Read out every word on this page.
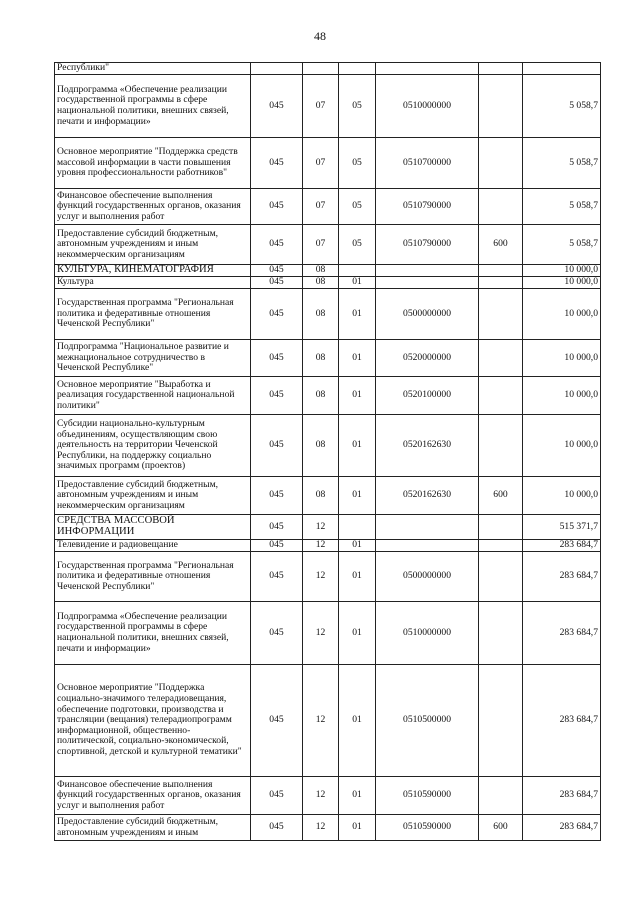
48
Республики"						
Подпрограмма «Обеспечение реализации государственной программы в сфере национальной политики, внешних связей, печати и информации»	045	07	05	0510000000		5 058,7
Основное мероприятие "Поддержка средств массовой информации в части повышения уровня профессиональности работников"	045	07	05	0510700000		5 058,7
Финансовое обеспечение выполнения функций государственных органов, оказания услуг и выполнения работ	045	07	05	0510790000		5 058,7
Предоставление субсидий бюджетным, автономным учреждениям и иным некоммерческим организациям	045	07	05	0510790000	600	5 058,7
КУЛЬТУРА, КИНЕМАТОГРАФИЯ	045	08				10 000,0
Культура	045	08	01			10 000,0
Государственная программа "Региональная политика и федеративные отношения Чеченской Республики"	045	08	01	0500000000		10 000,0
Подпрограмма "Национальное развитие и межнациональное сотрудничество в Чеченской Республике"	045	08	01	0520000000		10 000,0
Основное мероприятие "Выработка и реализация государственной национальной политики"	045	08	01	0520100000		10 000,0
Субсидии национально-культурным объединениям, осуществляющим свою деятельность на территории Чеченской Республики, на поддержку социально значимых программ (проектов)	045	08	01	0520162630		10 000,0
Предоставление субсидий бюджетным, автономным учреждениям и иным некоммерческим организациям	045	08	01	0520162630	600	10 000,0
СРЕДСТВА МАССОВОЙ ИНФОРМАЦИИ	045	12				515 371,7
Телевидение и радиовещание	045	12	01			283 684,7
Государственная программа "Региональная политика и федеративные отношения Чеченской Республики"	045	12	01	0500000000		283 684,7
Подпрограмма «Обеспечение реализации государственной программы в сфере национальной политики, внешних связей, печати и информации»	045	12	01	0510000000		283 684,7
Основное мероприятие "Поддержка социально-значимого телерадиовещания, обеспечение подготовки, производства и трансляции (вещания) телерадиопрограмм информационной, общественно-политической, социально-экономической, спортивной, детской и культурной тематики"	045	12	01	0510500000		283 684,7
Финансовое обеспечение выполнения функций государственных органов, оказания услуг и выполнения работ	045	12	01	0510590000		283 684,7
Предоставление субсидий бюджетным, автономным учреждениям и иным	045	12	01	0510590000	600	283 684,7
